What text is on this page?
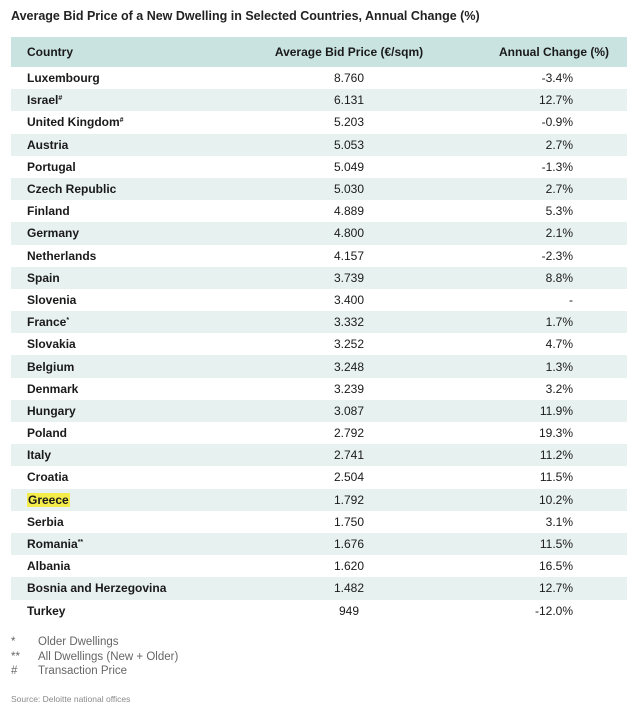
Average Bid Price of a New Dwelling in Selected Countries, Annual Change (%)
Country	Average Bid Price (€/sqm)	Annual Change (%)
Luxembourg	8.760	-3.4%
Israel#	6.131	12.7%
United Kingdom#	5.203	-0.9%
Austria	5.053	2.7%
Portugal	5.049	-1.3%
Czech Republic	5.030	2.7%
Finland	4.889	5.3%
Germany	4.800	2.1%
Netherlands	4.157	-2.3%
Spain	3.739	8.8%
Slovenia	3.400	-
France*	3.332	1.7%
Slovakia	3.252	4.7%
Belgium	3.248	1.3%
Denmark	3.239	3.2%
Hungary	3.087	11.9%
Poland	2.792	19.3%
Italy	2.741	11.2%
Croatia	2.504	11.5%
Greece	1.792	10.2%
Serbia	1.750	3.1%
Romania**	1.676	11.5%
Albania	1.620	16.5%
Bosnia and Herzegovina	1.482	12.7%
Turkey	949	-12.0%
*	Older Dwellings
**	All Dwellings (New + Older)
#	Transaction Price
Source: Deloitte national offices
